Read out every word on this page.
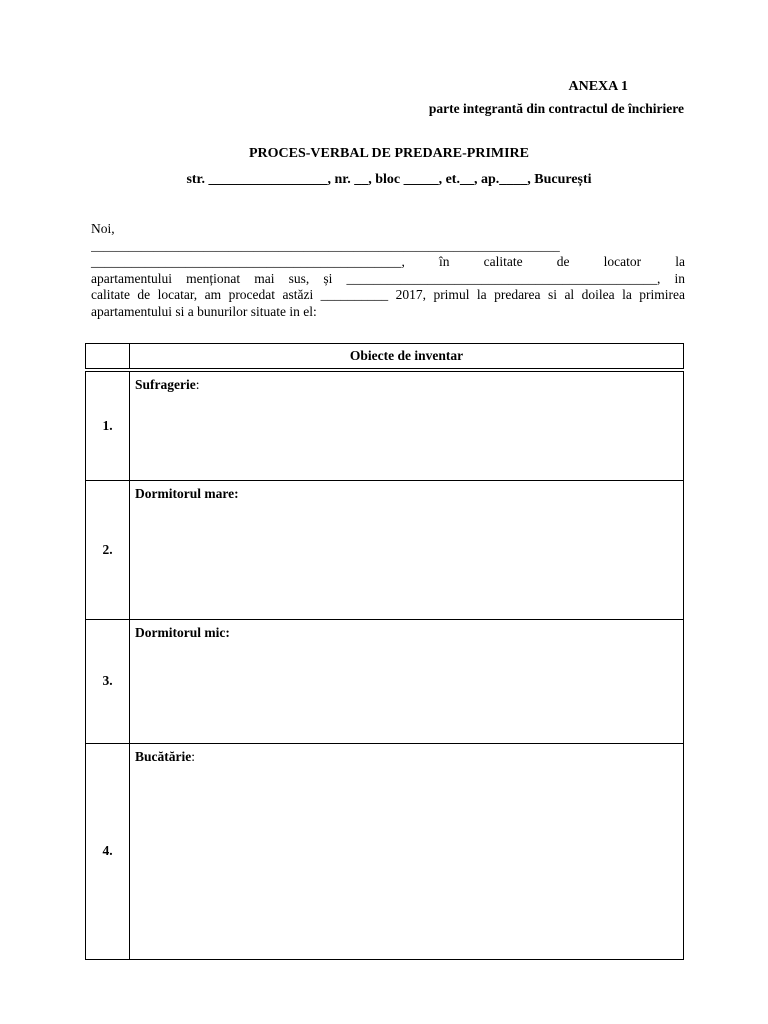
ANEXA 1
parte integrantă din contractul de închiriere
PROCES-VERBAL DE PREDARE-PRIMIRE
str. _________________, nr. __, bloc _____, et.__, ap.____, București
Noi,
___________________________________________________________________________
______________________________________________, în calitate de locator la
apartamentului menționat mai sus, și ______________________________________________, in
calitate de locatar, am procedat astăzi __________ 2017, primul la predarea si al doilea la primirea
apartamentului si a bunurilor situate in el:
	Obiecte de inventar
1.	Sufragerie:
2.	Dormitorul mare:
3.	Dormitorul mic:
4.	Bucătărie:
